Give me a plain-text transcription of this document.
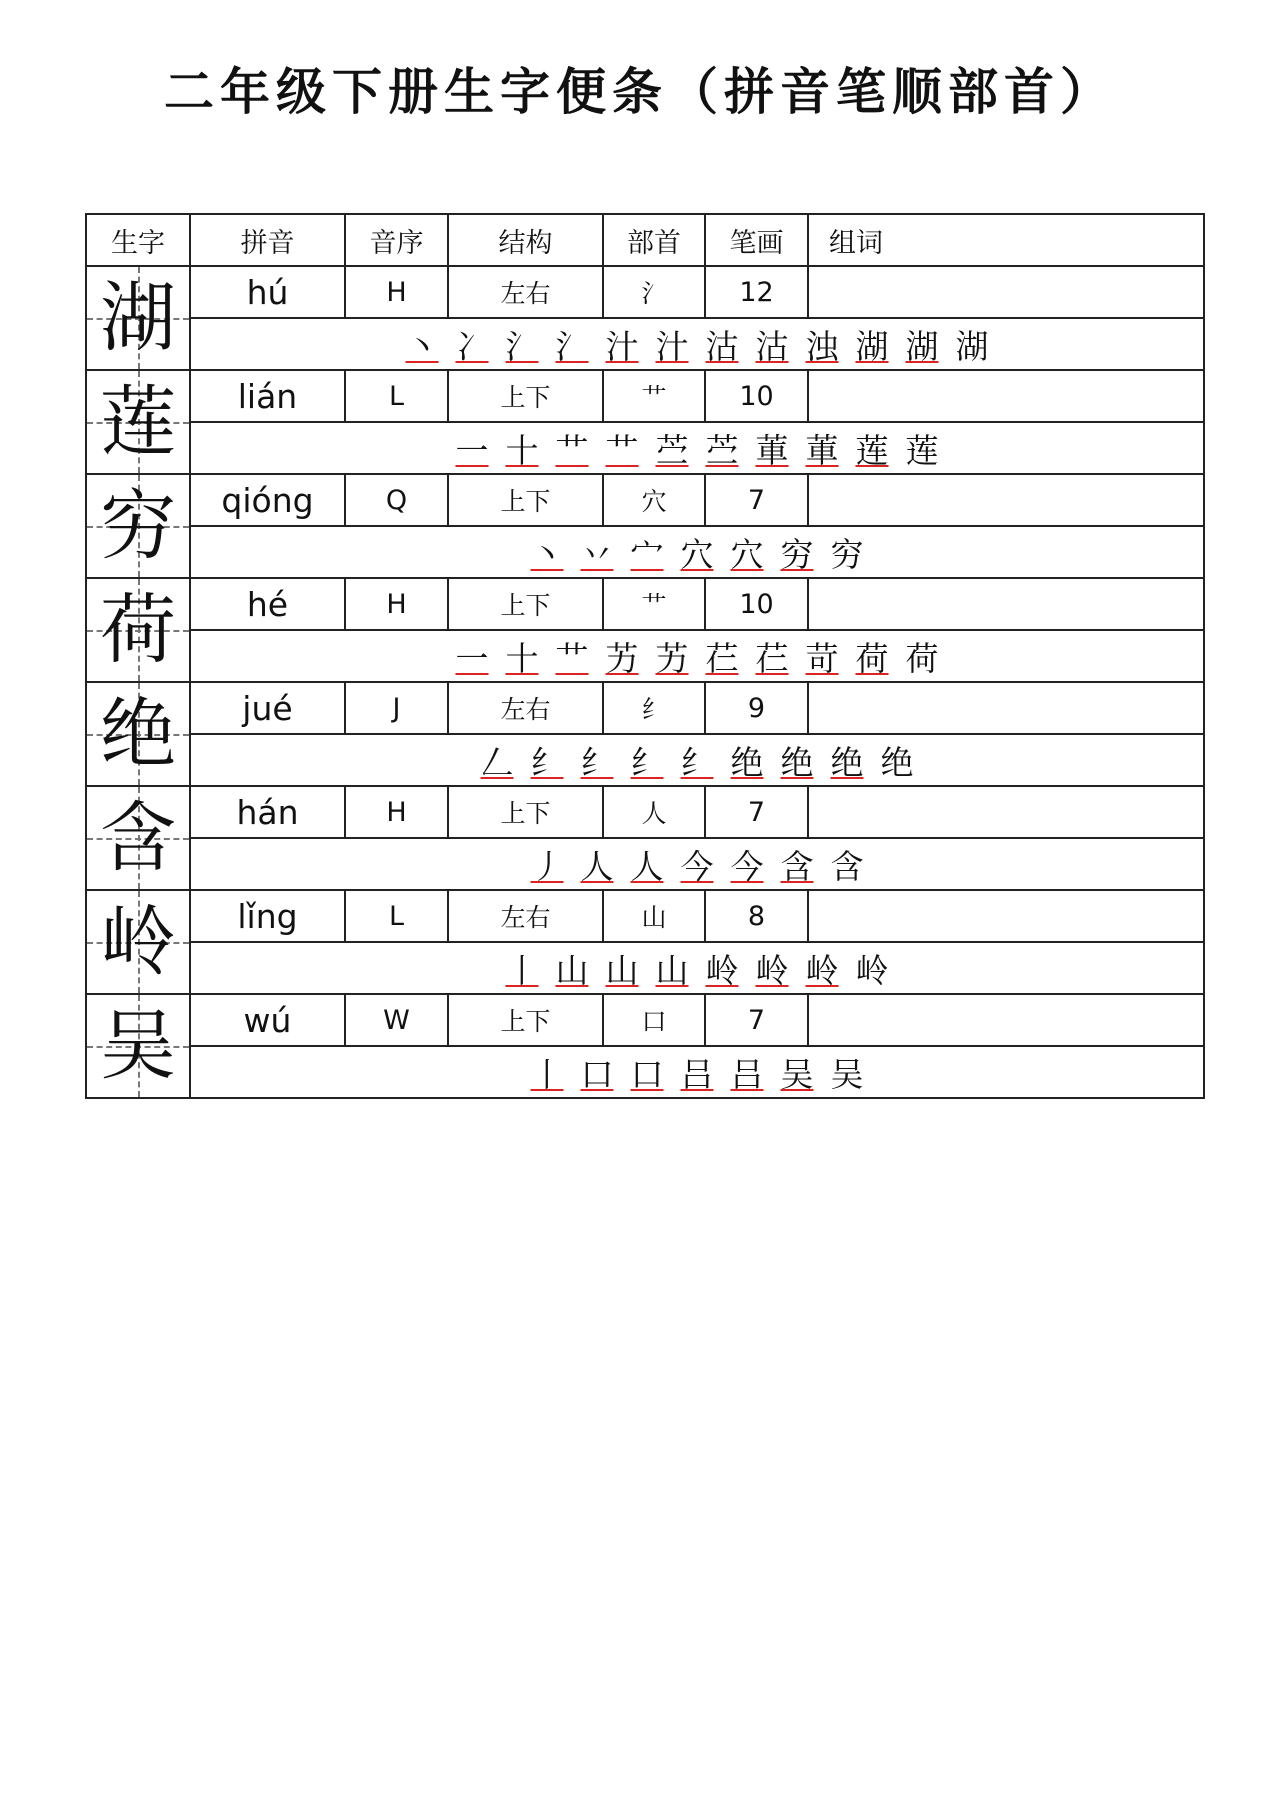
二年级下册生字便条（拼音笔顺部首）
生字	拼音	音序	结构	部首	笔画	组词

湖	hú	H	左右	氵	12	
	丶 冫 氵 氵 汁 汁 沽 沽 浊 湖 湖 湖					

莲	lián	L	上下	艹	10	
	一 十 艹 艹 苎 苎 莗 莗 莲 莲					

穷	qióng	Q	上下	穴	7	
	丶 丷 宀 穴 穴 穷 穷					

荷	hé	H	上下	艹	10	
	一 十 艹 艻 艻 芢 芢 苛 荷 荷					

绝	jué	J	左右	纟	9	
	𠃋 纟 纟 纟 纟 绝 绝 绝 绝					

含	hán	H	上下	人	7	
	丿 人 人 今 今 含 含					

岭	lǐng	L	左右	山	8	
	丨 山 山 山 岭 岭 岭 岭					

吴	wú	W	上下	口	7	
	丨 口 口 吕 吕 吴 吴					
